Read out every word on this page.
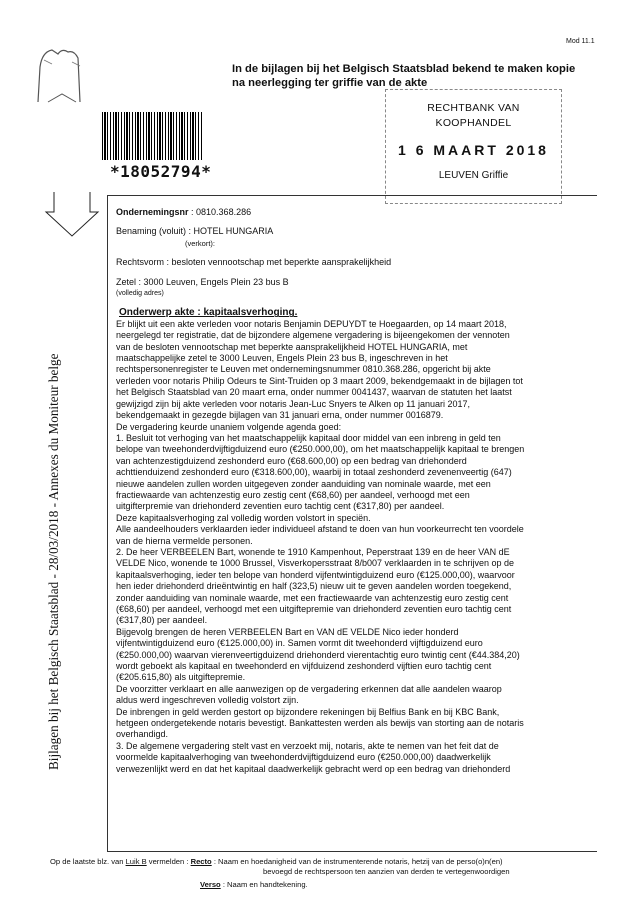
Mod 11.1
In de bijlagen bij het Belgisch Staatsblad bekend te maken kopie
na neerlegging ter griffie van de akte
RECHTBANK VAN
KOOPHANDEL
1 6 MAART 2018
LEUVEN Griffie
*18052794*
Bijlagen bij het Belgisch Staatsblad - 28/03/2018 - Annexes du Moniteur belge

Ondernemingsnr : 0810.368.286

Benaming (voluit) : HOTEL HUNGARIA

(verkort):

Rechtsvorm : besloten vennootschap met beperkte aansprakelijkheid

Zetel : 3000 Leuven, Engels Plein 23 bus B

(volledig adres)

Onderwerp akte : kapitaalsverhoging.

Er blijkt uit een akte verleden voor notaris Benjamin DEPUYDT te Hoegaarden, op 14 maart 2018,

neergelegd ter registratie, dat de bijzondere algemene vergadering is bijeengekomen der vennoten

van de besloten vennootschap met beperkte aansprakelijkheid HOTEL HUNGARIA, met

maatschappelijke zetel te 3000 Leuven, Engels Plein 23 bus B, ingeschreven in het

rechtspersonenregister te Leuven met ondernemingsnummer 0810.368.286, opgericht bij akte

verleden voor notaris Philip Odeurs te Sint-Truiden op 3 maart 2009, bekendgemaakt in de bijlagen tot

het Belgisch Staatsblad van 20 maart erna, onder nummer 0041437, waarvan de statuten het laatst

gewijzigd zijn bij akte verleden voor notaris Jean-Luc Snyers te Alken op 11 januari 2017,

bekendgemaakt in gezegde bijlagen van 31 januari erna, onder nummer 0016879.

De vergadering keurde unaniem volgende agenda goed:

1. Besluit tot verhoging van het maatschappelijk kapitaal door middel van een inbreng in geld ten

belope van tweehonderdvijftigduizend euro (€250.000,00), om het maatschappelijk kapitaal te brengen

van achtenzestigduizend zeshonderd euro (€68.600,00) op een bedrag van driehonderd

achttienduizend zeshonderd euro (€318.600,00), waarbij in totaal zeshonderd zevenenveertig (647)

nieuwe aandelen zullen worden uitgegeven zonder aanduiding van nominale waarde, met een

fractiewaarde van achtenzestig euro zestig cent (€68,60) per aandeel, verhoogd met een

uitgifterpremie van driehonderd zeventien euro tachtig cent (€317,80) per aandeel.

Deze kapitaalsverhoging zal volledig worden volstort in speciën.

Alle aandeelhouders verklaarden ieder individueel afstand te doen van hun voorkeurrecht ten voordele

van de hierna vermelde personen.

2. De heer VERBEELEN Bart, wonende te 1910 Kampenhout, Peperstraat 139 en de heer VAN dE

VELDE Nico, wonende te 1000 Brussel, Visverkopersstraat 8/b007 verklaarden in te schrijven op de

kapitaalsverhoging, ieder ten belope van honderd vijfentwintigduizend euro (€125.000,00), waarvoor

hen ieder driehonderd drieëntwintig en half (323,5) nieuw uit te geven aandelen worden toegekend,

zonder aanduiding van nominale waarde, met een fractiewaarde van achtenzestig euro zestig cent

(€68,60) per aandeel, verhoogd met een uitgiftepremie van driehonderd zeventien euro tachtig cent

(€317,80) per aandeel.

Bijgevolg brengen de heren VERBEELEN Bart en VAN dE VELDE Nico ieder honderd

vijfentwintigduizend euro (€125.000,00) in. Samen vormt dit tweehonderd vijftigduizend euro

(€250.000,00) waarvan vierenveertigduizend driehonderd vierentachtig euro twintig cent (€44.384,20)

wordt geboekt als kapitaal en tweehonderd en vijfduizend zeshonderd vijftien euro tachtig cent

(€205.615,80) als uitgiftepremie.

De voorzitter verklaart en alle aanwezigen op de vergadering erkennen dat alle aandelen waarop

aldus werd ingeschreven volledig volstort zijn.

De inbrengen in geld werden gestort op bijzondere rekeningen bij Belfius Bank en bij KBC Bank,

hetgeen ondergetekende notaris bevestigt. Bankattesten werden als bewijs van storting aan de notaris

overhandigd.

3. De algemene vergadering stelt vast en verzoekt mij, notaris, akte te nemen van het feit dat de

voormelde kapitaalverhoging van tweehonderdvijftigduizend euro (€250.000,00) daadwerkelijk

verwezenlijkt werd en dat het kapitaal daadwerkelijk gebracht werd op een bedrag van driehonderd

Op de laatste blz. van Luik B vermelden : Recto : Naam en hoedanigheid van de instrumenterende notaris, hetzij van de perso(o)n(en)
bevoegd de rechtspersoon ten aanzien van derden te vertegenwoordigen
Verso : Naam en handtekening.
